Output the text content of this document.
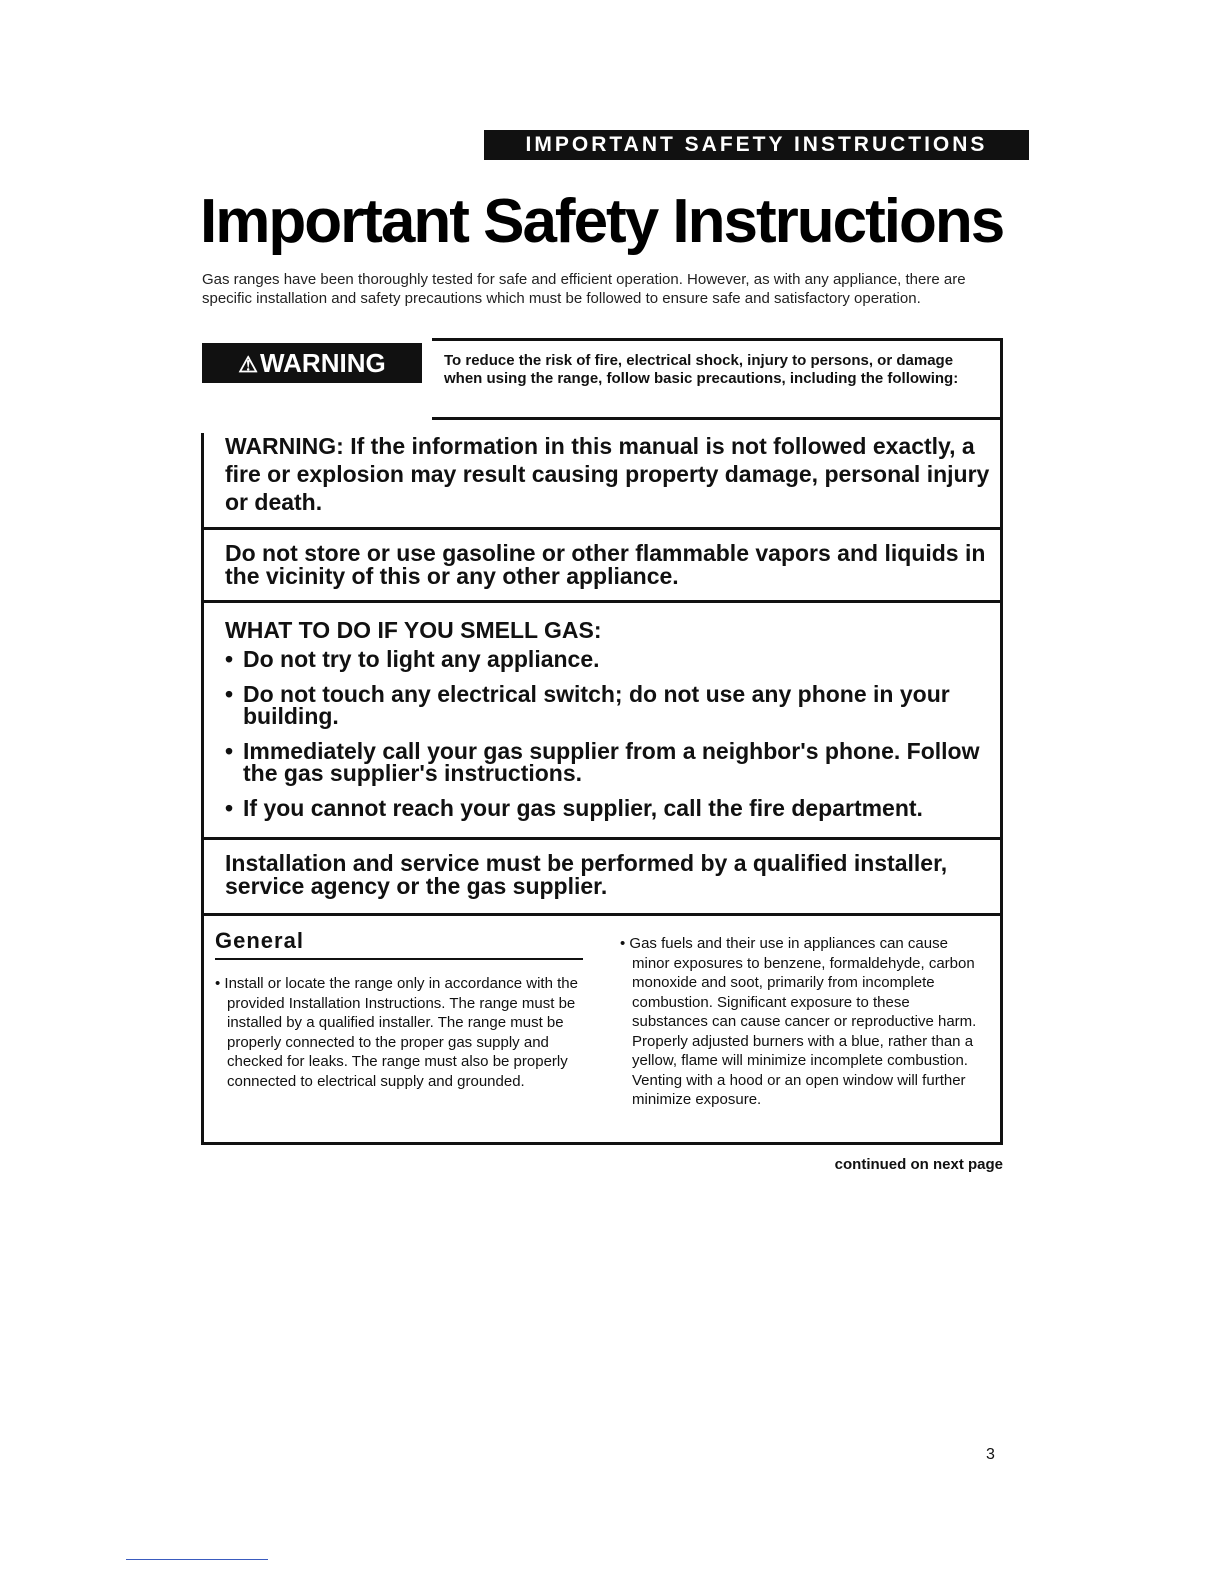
IMPORTANT SAFETY INSTRUCTIONS
Important Safety Instructions

Gas ranges have been thoroughly tested for safe and efficient operation. However, as with any appliance, there are specific installation and safety precautions which must be followed to ensure safe and satisfactory operation.

⚠WARNING	To reduce the risk of fire, electrical shock, injury to persons, or damage when using the range, follow basic precautions, including the following:

WARNING: If the information in this manual is not followed exactly, a fire or explosion may result causing property damage, personal injury or death.

Do not store or use gasoline or other flammable vapors and liquids in the vicinity of this or any other appliance.

WHAT TO DO IF YOU SMELL GAS:

• Do not try to light any appliance.
• Do not touch any electrical switch; do not use any phone in your building.
• Immediately call your gas supplier from a neighbor's phone. Follow the gas supplier's instructions.
• If you cannot reach your gas supplier, call the fire department.

Installation and service must be performed by a qualified installer, service agency or the gas supplier.

General

• Install or locate the range only in accordance with the provided Installation Instructions. The range must be installed by a qualified installer. The range must be properly connected to the proper gas supply and checked for leaks. The range must also be properly connected to electrical supply and grounded.

• Gas fuels and their use in appliances can cause minor exposures to benzene, formaldehyde, carbon monoxide and soot, primarily from incomplete combustion. Significant exposure to these substances can cause cancer or reproductive harm. Properly adjusted burners with a blue, rather than a yellow, flame will minimize incomplete combustion. Venting with a hood or an open window will further minimize exposure.

continued on next page
3
